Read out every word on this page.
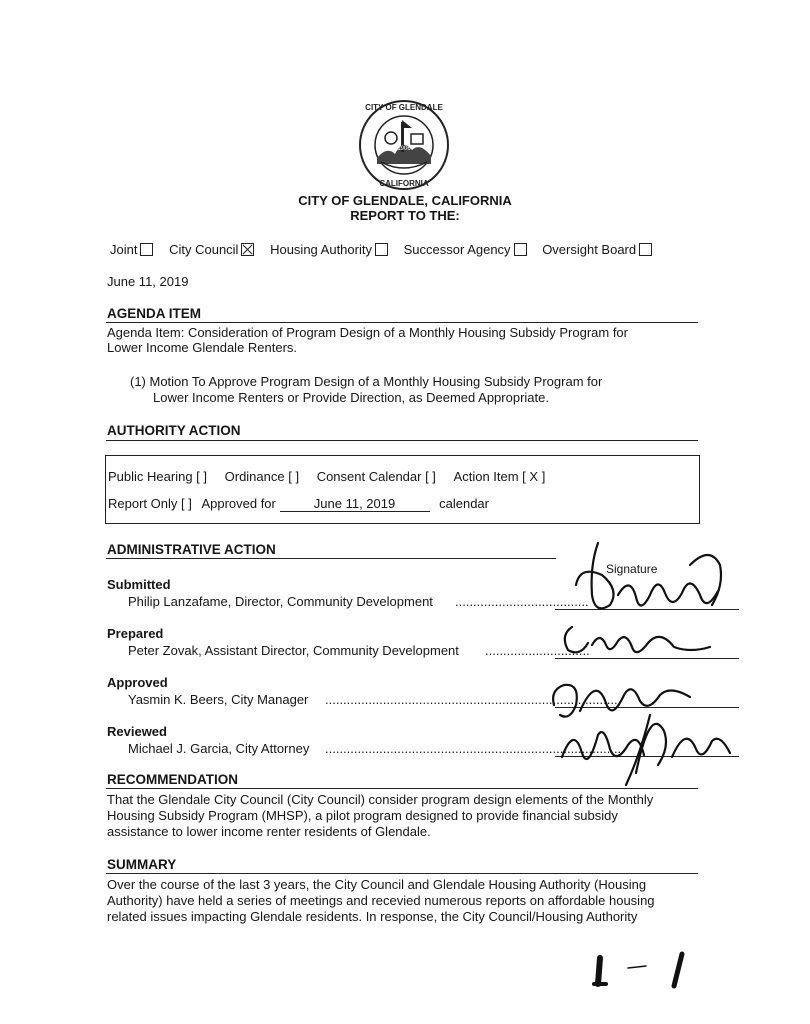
CITY OF GLENDALE
CALIFORNIA
1906
CITY OF GLENDALE, CALIFORNIA
REPORT TO THE:
Joint City Council Housing Authority Successor Agency Oversight Board
June 11, 2019
AGENDA ITEM
Agenda Item: Consideration of Program Design of a Monthly Housing Subsidy Program for
Lower Income Glendale Renters.
(1) Motion To Approve Program Design of a Monthly Housing Subsidy Program for
Lower Income Renters or Provide Direction, as Deemed Appropriate.
AUTHORITY ACTION
Public Hearing [ ] Ordinance [ ] Consent Calendar [ ] Action Item [ X ]
Report Only [ ] Approved for	June 11, 2019	calendar
ADMINISTRATIVE ACTION
Signature
Submitted
Philip Lanzafame, Director, Community Development .....................................
Prepared
Peter Zovak, Assistant Director, Community Development .............................
Approved
Yasmin K. Beers, City Manager ..................................................................................
Reviewed
Michael J. Garcia, City Attorney ..................................................................................
RECOMMENDATION
That the Glendale City Council (City Council) consider program design elements of the Monthly
Housing Subsidy Program (MHSP), a pilot program designed to provide financial subsidy
assistance to lower income renter residents of Glendale.
SUMMARY
Over the course of the last 3 years, the City Council and Glendale Housing Authority (Housing
Authority) have held a series of meetings and recevied numerous reports on affordable housing
related issues impacting Glendale residents. In response, the City Council/Housing Authority
